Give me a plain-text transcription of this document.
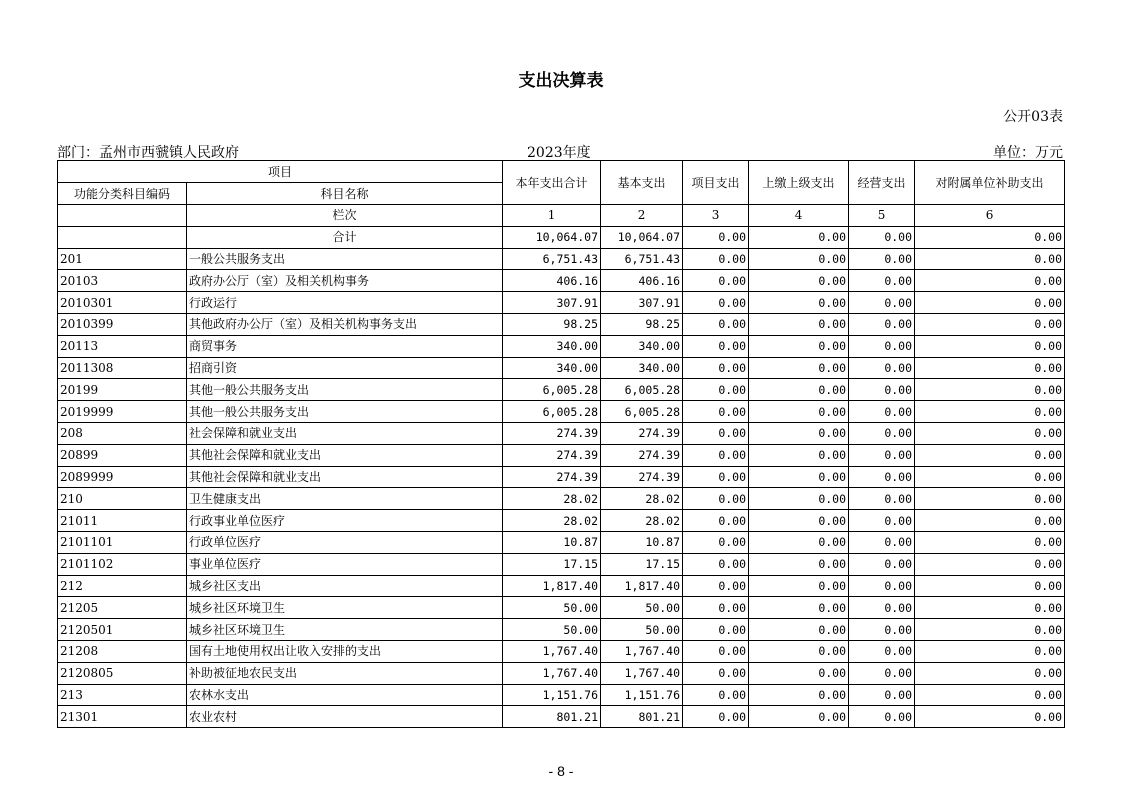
支出决算表
公开03表
部门：孟州市西虢镇人民政府	2023年度	单位：万元
项目		本年支出合计	基本支出	项目支出	上缴上级支出	经营支出	对附属单位补助支出
功能分类科目编码	科目名称						
	栏次	1	2	3	4	5	6
	合计	10,064.07	10,064.07	0.00	0.00	0.00	0.00
201	一般公共服务支出	6,751.43	6,751.43	0.00	0.00	0.00	0.00
20103	政府办公厅（室）及相关机构事务	406.16	406.16	0.00	0.00	0.00	0.00
2010301	行政运行	307.91	307.91	0.00	0.00	0.00	0.00
2010399	其他政府办公厅（室）及相关机构事务支出	98.25	98.25	0.00	0.00	0.00	0.00
20113	商贸事务	340.00	340.00	0.00	0.00	0.00	0.00
2011308	招商引资	340.00	340.00	0.00	0.00	0.00	0.00
20199	其他一般公共服务支出	6,005.28	6,005.28	0.00	0.00	0.00	0.00
2019999	其他一般公共服务支出	6,005.28	6,005.28	0.00	0.00	0.00	0.00
208	社会保障和就业支出	274.39	274.39	0.00	0.00	0.00	0.00
20899	其他社会保障和就业支出	274.39	274.39	0.00	0.00	0.00	0.00
2089999	其他社会保障和就业支出	274.39	274.39	0.00	0.00	0.00	0.00
210	卫生健康支出	28.02	28.02	0.00	0.00	0.00	0.00
21011	行政事业单位医疗	28.02	28.02	0.00	0.00	0.00	0.00
2101101	行政单位医疗	10.87	10.87	0.00	0.00	0.00	0.00
2101102	事业单位医疗	17.15	17.15	0.00	0.00	0.00	0.00
212	城乡社区支出	1,817.40	1,817.40	0.00	0.00	0.00	0.00
21205	城乡社区环境卫生	50.00	50.00	0.00	0.00	0.00	0.00
2120501	城乡社区环境卫生	50.00	50.00	0.00	0.00	0.00	0.00
21208	国有土地使用权出让收入安排的支出	1,767.40	1,767.40	0.00	0.00	0.00	0.00
2120805	补助被征地农民支出	1,767.40	1,767.40	0.00	0.00	0.00	0.00
213	农林水支出	1,151.76	1,151.76	0.00	0.00	0.00	0.00
21301	农业农村	801.21	801.21	0.00	0.00	0.00	0.00
- 8 -
